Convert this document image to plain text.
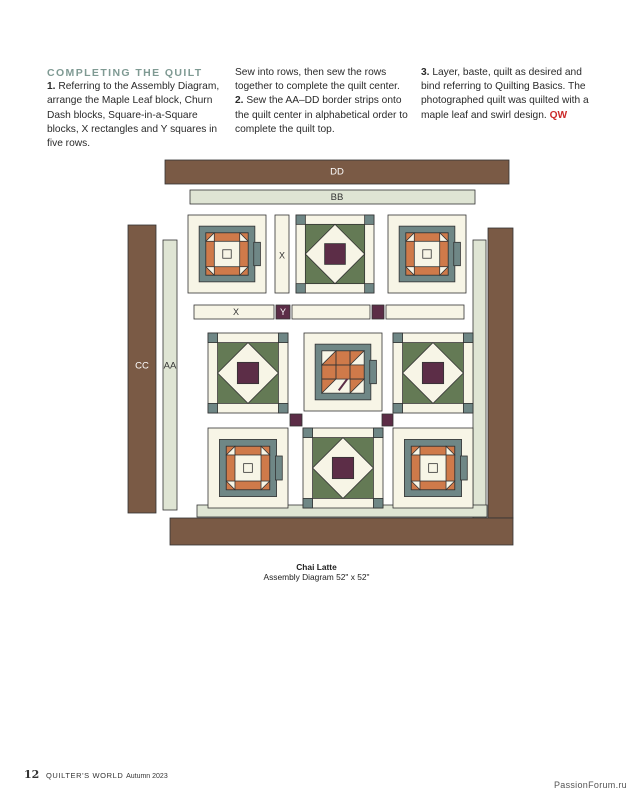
COMPLETING THE QUILT

1. Referring to the Assembly Diagram, arrange the Maple Leaf block, Churn Dash blocks, Square-in-a-Square blocks, X rectangles and Y squares in five rows.

Sew into rows, then sew the rows together to complete the quilt center.

2. Sew the AA–DD border strips onto the quilt center in alphabetical order to complete the quilt top.

3. Layer, baste, quilt as desired and bind referring to Quilting Basics. The photographed quilt was quilted with a maple leaf and swirl design. QW

DD
BB
CC AA
X
X	Y
Chai Latte
Assembly Diagram 52" x 52"
12 QUILTER'S WORLD Autumn 2023
PassionForum.ru
